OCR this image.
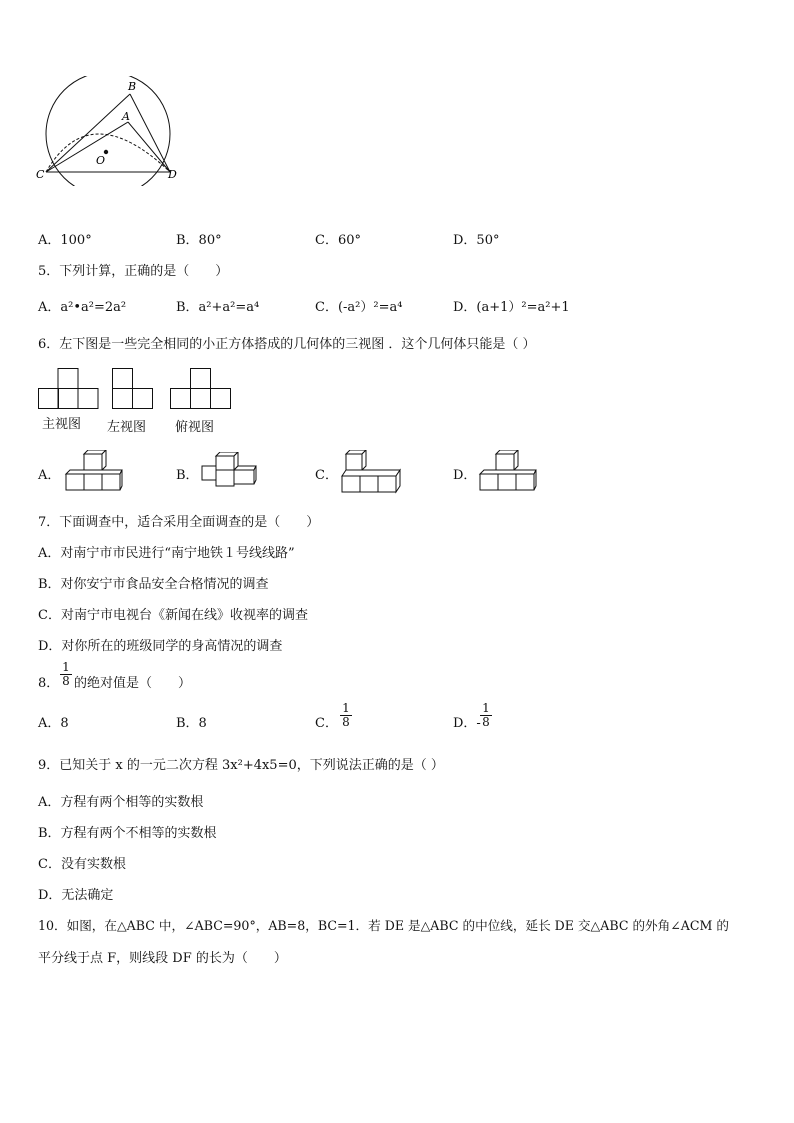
B
A
O
C	D
A．100°	B．80°	C．60°	D．50°
5．下列计算，正确的是（　　）
A．a²•a²=2a²	B．a²+a²=a⁴	C．(-a²）²=a⁴	D．(a+1）²=a²+1
6．左下图是一些完全相同的小正方体搭成的几何体的三视图 ．这个几何体只能是（ ）
主视图 左视图 俯视图
A．	B．	C．	D．
7．下面调查中，适合采用全面调查的是（　　）
A．对南宁市市民进行“南宁地铁１号线线路”
B．对你安宁市食品安全合格情况的调查
C．对南宁市电视台《新闻在线》收视率的调查
D．对你所在的班级同学的身高情况的调查
8． $\frac{1}{8}$ 的绝对值是（　　）
A．8	B．8	C． $\frac{1}{8}$	D．- $\frac{1}{8}$
9．已知关于 x 的一元二次方程 3x²+4x5=0，下列说法正确的是（ ）
A．方程有两个相等的实数根
B．方程有两个不相等的实数根
C．没有实数根
D．无法确定
10．如图，在△ABC 中，∠ABC=90°，AB=8，BC=1．若 DE 是△ABC 的中位线，延长 DE 交△ABC 的外角∠ACM 的
平分线于点 F，则线段 DF 的长为（　　）
